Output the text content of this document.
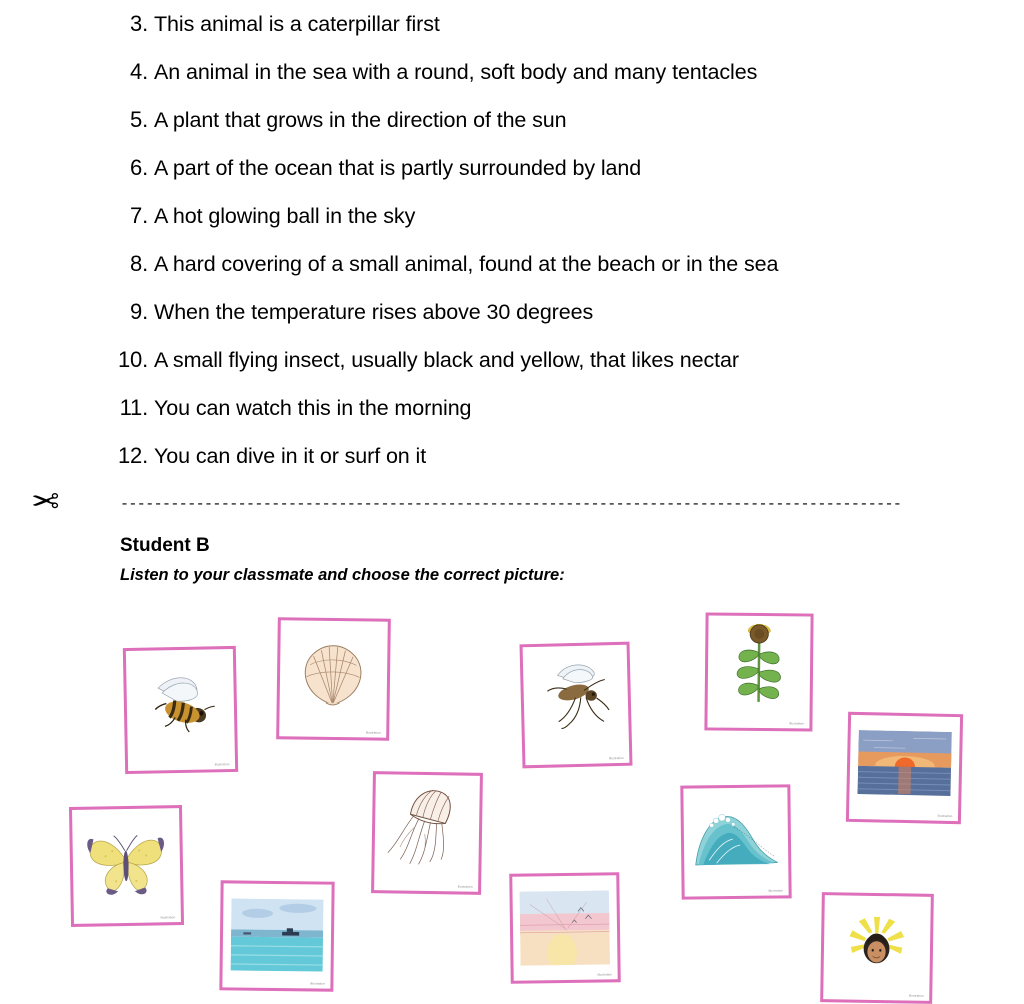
3. This animal is a caterpillar first
4. An animal in the sea with a round, soft body and many tentacles
5. A plant that grows in the direction of the sun
6. A part of the ocean that is partly surrounded by land
7. A hot glowing ball in the sky
8. A hard covering of a small animal, found at the beach or in the sea
9. When the temperature rises above 30 degrees
10. A small flying insect, usually black and yellow, that likes nectar
11. You can watch this in the morning
12. You can dive in it or surf on it
✂	---------------------------------------------------------------------------------------------
Student B
Listen to your classmate and choose the correct picture:
illustration
illustration
illustration
illustration
illustration
illustration
illustration
illustration
illustration
illustration
illustration
